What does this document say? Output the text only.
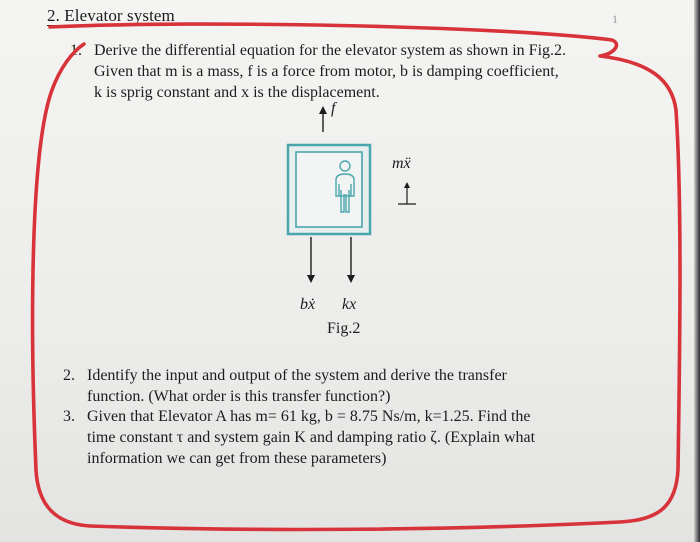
2. Elevator system	1
1. Derive the differential equation for the elevator system as shown in Fig.2.
Given that m is a mass, f is a force from motor, b is damping coefficient,
k is sprig constant and x is the displacement.
f
mẍ
bẋ kx
Fig.2
2. Identify the input and output of the system and derive the transfer
function. (What order is this transfer function?)
3. Given that Elevator A has m= 61 kg, b = 8.75 Ns/m, k=1.25. Find the
time constant τ and system gain K and damping ratio ζ. (Explain what
information we can get from these parameters)
